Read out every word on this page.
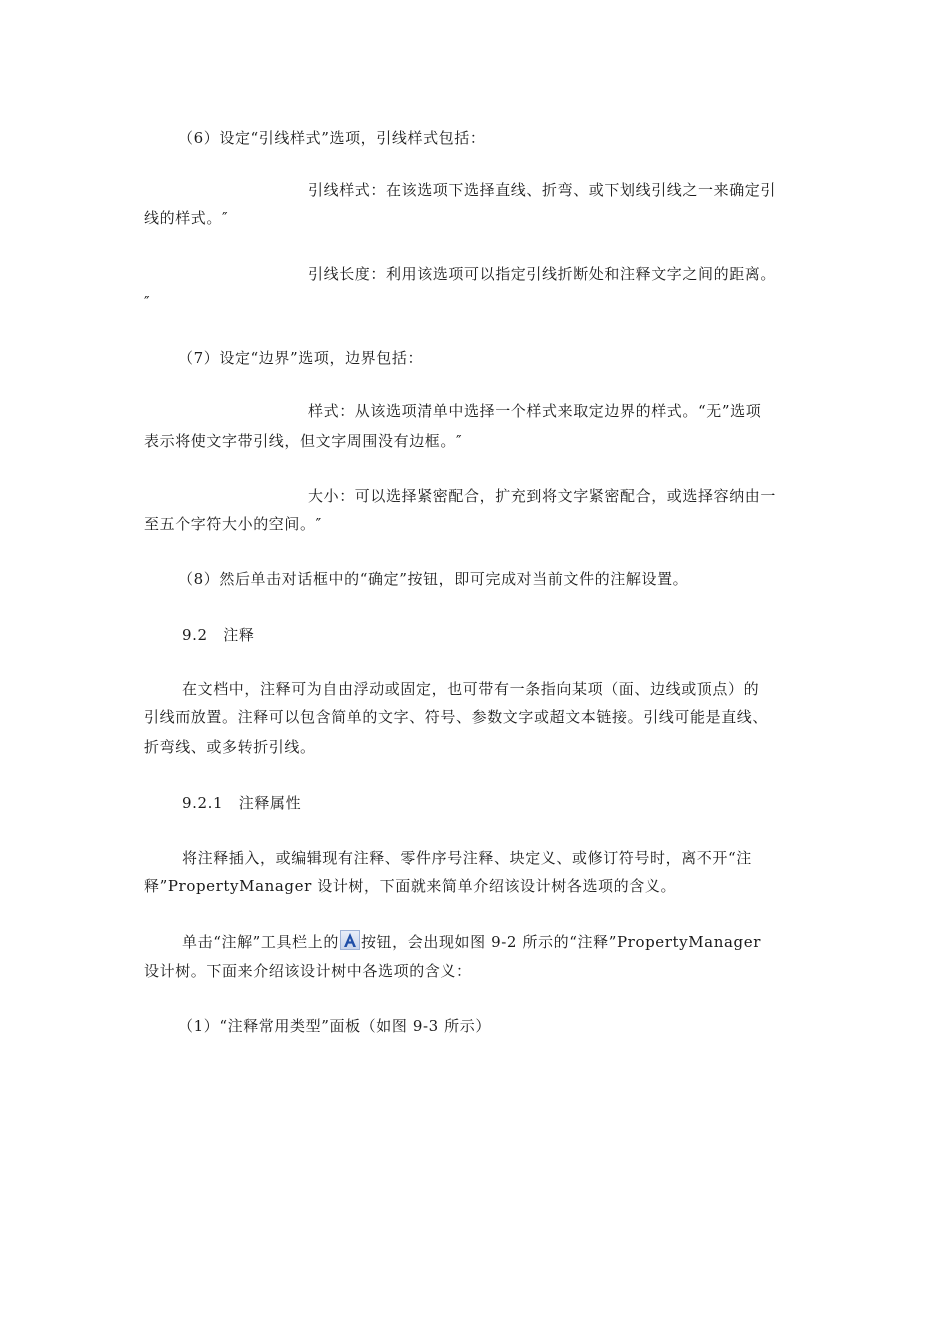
（6）设定“引线样式”选项，引线样式包括：
引线样式：在该选项下选择直线、折弯、或下划线引线之一来确定引
线的样式。″
引线长度：利用该选项可以指定引线折断处和注释文字之间的距离。
″
（7）设定“边界”选项，边界包括：
样式：从该选项清单中选择一个样式来取定边界的样式。“无”选项
表示将使文字带引线，但文字周围没有边框。″
大小：可以选择紧密配合，扩充到将文字紧密配合，或选择容纳由一
至五个字符大小的空间。″
（8）然后单击对话框中的“确定”按钮，即可完成对当前文件的注解设置。
9.2　注释
在文档中，注释可为自由浮动或固定，也可带有一条指向某项（面、边线或顶点）的
引线而放置。注释可以包含简单的文字、符号、参数文字或超文本链接。引线可能是直线、
折弯线、或多转折引线。
9.2.1　注释属性
将注释插入，或编辑现有注释、零件序号注释、块定义、或修订符号时，离不开“注
释”PropertyManager 设计树，下面就来简单介绍该设计树各选项的含义。
单击“注解”工具栏上的 按钮，会出现如图 9-2 所示的“注释”PropertyManager
设计树。下面来介绍该设计树中各选项的含义：
（1）“注释常用类型”面板（如图 9-3 所示）
